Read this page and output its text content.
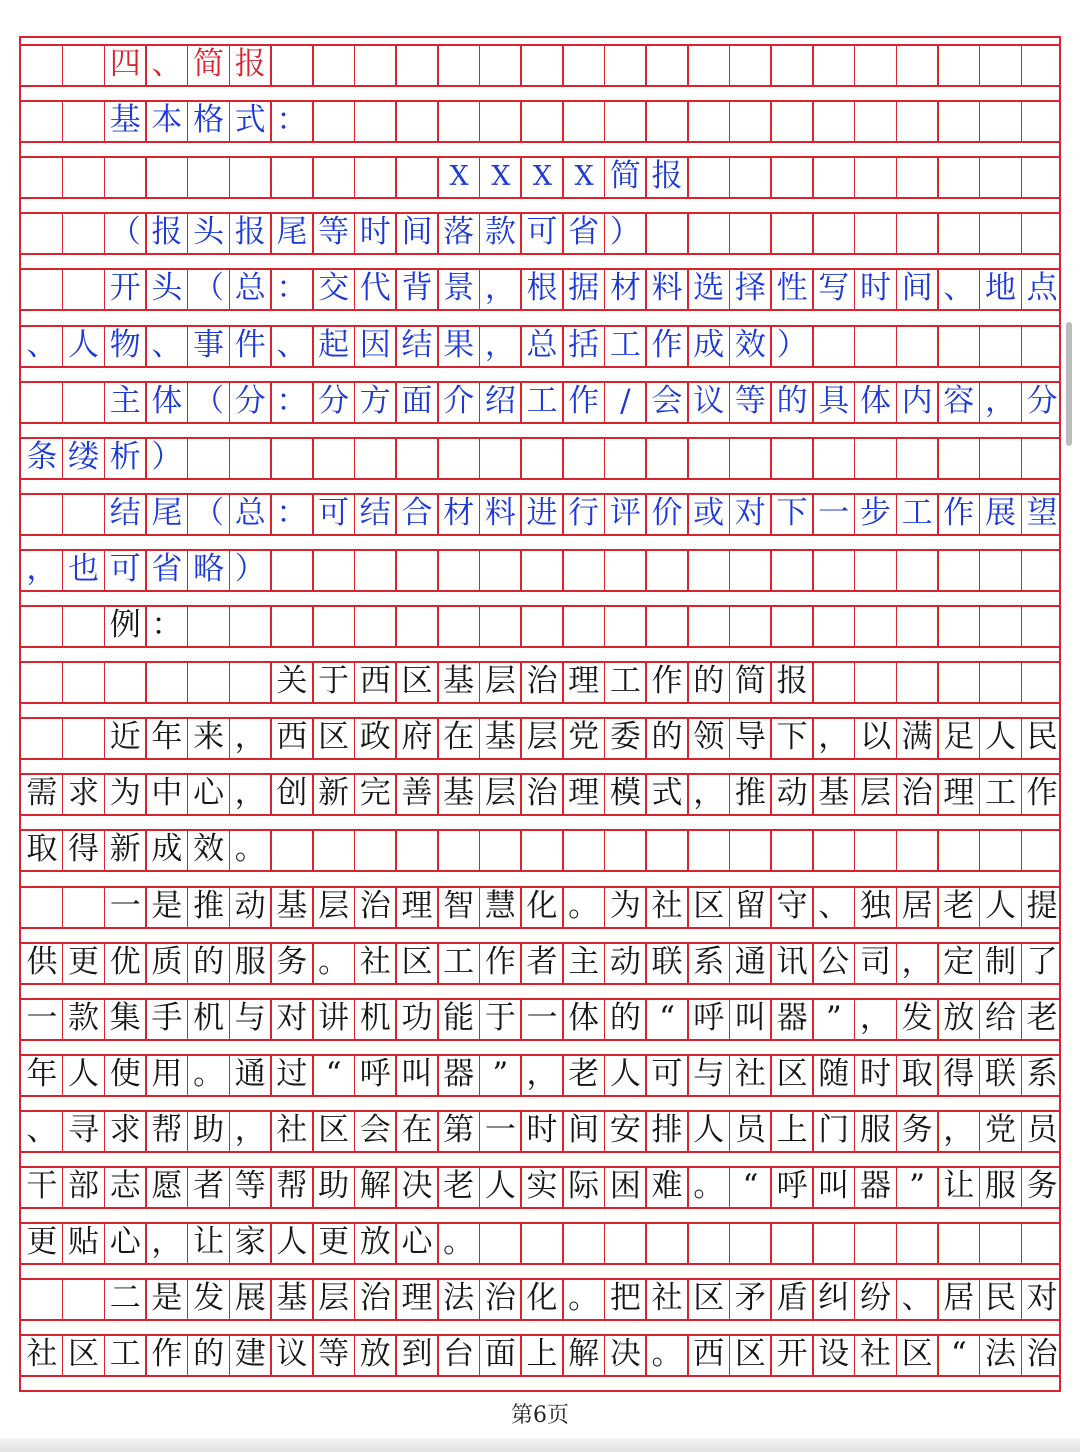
四 、 简 报
基 本 格 式 ：
X X X X 简 报
（ 报 头 报 尾 等 时 间 落 款 可 省 ）
开 头 （ 总 ： 交 代 背 景 ， 根 据 材 料 选 择 性 写 时 间 、 地 点
、 人 物 、 事 件 、 起 因 结 果 ， 总 括 工 作 成 效 ）
主 体 （ 分 ： 分 方 面 介 绍 工 作 / 会 议 等 的 具 体 内 容 ， 分
条 缕 析 ）
结 尾 （ 总 ： 可 结 合 材 料 进 行 评 价 或 对 下 一 步 工 作 展 望
， 也 可 省 略 ）
例 ：
关 于 西 区 基 层 治 理 工 作 的 简 报
近 年 来 ， 西 区 政 府 在 基 层 党 委 的 领 导 下 ， 以 满 足 人 民
需 求 为 中 心 ， 创 新 完 善 基 层 治 理 模 式 ， 推 动 基 层 治 理 工 作
取 得 新 成 效 。
一 是 推 动 基 层 治 理 智 慧 化 。 为 社 区 留 守 、 独 居 老 人 提
供 更 优 质 的 服 务 。 社 区 工 作 者 主 动 联 系 通 讯 公 司 ， 定 制 了
一 款 集 手 机 与 对 讲 机 功 能 于 一 体 的 “ 呼 叫 器 ” ， 发 放 给 老
年 人 使 用 。 通 过 “ 呼 叫 器 ” ， 老 人 可 与 社 区 随 时 取 得 联 系
、 寻 求 帮 助 ， 社 区 会 在 第 一 时 间 安 排 人 员 上 门 服 务 ， 党 员
干 部 志 愿 者 等 帮 助 解 决 老 人 实 际 困 难 。 “ 呼 叫 器 ” 让 服 务
更 贴 心 ， 让 家 人 更 放 心 。
二 是 发 展 基 层 治 理 法 治 化 。 把 社 区 矛 盾 纠 纷 、 居 民 对
社 区 工 作 的 建 议 等 放 到 台 面 上 解 决 。 西 区 开 设 社 区 “ 法 治
第6页
